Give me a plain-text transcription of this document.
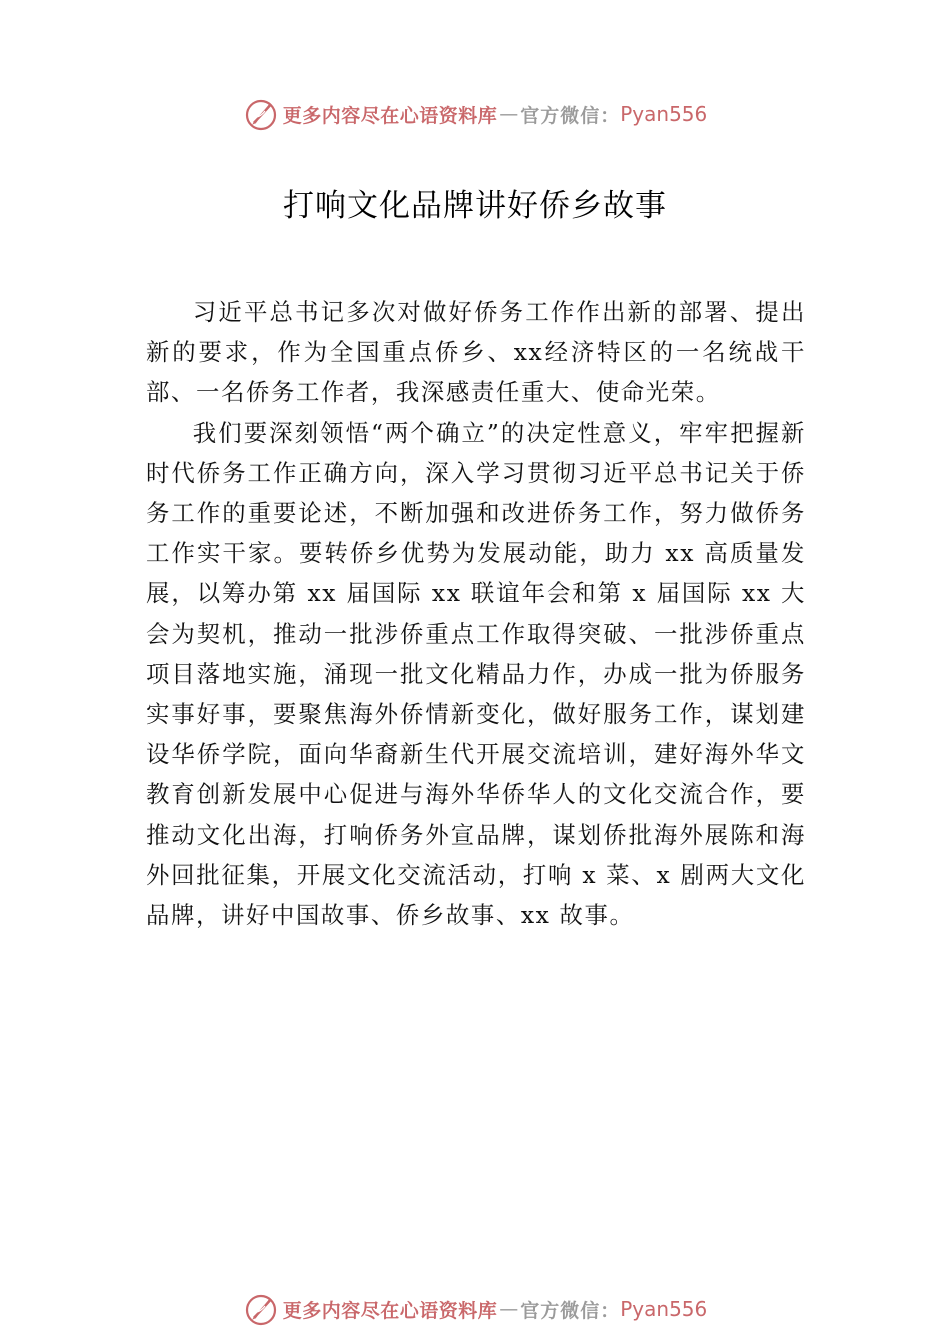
更多内容尽在心语资料库 — 官方微信： Pyan556
打响文化品牌讲好侨乡故事

习近平总书记多次对做好侨务工作作出新的部署、提出新的要求，作为全国重点侨乡、xx经济特区的一名统战干部、一名侨务工作者，我深感责任重大、使命光荣。

我们要深刻领悟“两个确立”的决定性意义，牢牢把握新时代侨务工作正确方向，深入学习贯彻习近平总书记关于侨务工作的重要论述，不断加强和改进侨务工作，努力做侨务工作实干家。要转侨乡优势为发展动能，助力 xx 高质量发展，以筹办第 xx 届国际 xx 联谊年会和第 x 届国际 xx 大会为契机，推动一批涉侨重点工作取得突破、一批涉侨重点项目落地实施，涌现一批文化精品力作，办成一批为侨服务实事好事，要聚焦海外侨情新变化，做好服务工作，谋划建设华侨学院，面向华裔新生代开展交流培训，建好海外华文教育创新发展中心促进与海外华侨华人的文化交流合作，要推动文化出海，打响侨务外宣品牌，谋划侨批海外展陈和海外回批征集，开展文化交流活动，打响 x 菜、x 剧两大文化品牌，讲好中国故事、侨乡故事、xx 故事。

更多内容尽在心语资料库 — 官方微信： Pyan556
